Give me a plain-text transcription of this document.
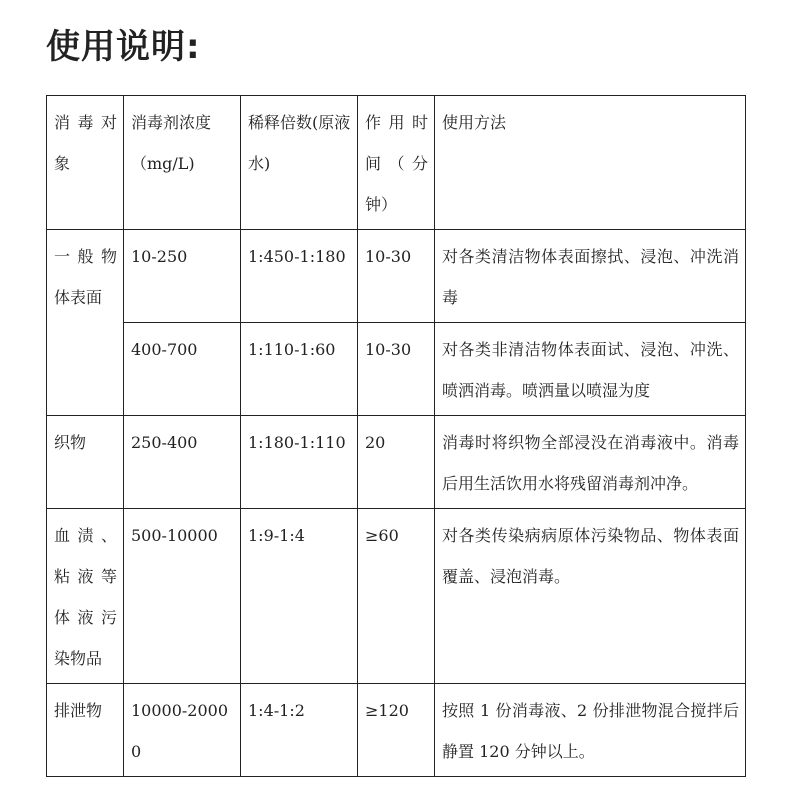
使用说明:
消毒对象	消毒剂浓度（mg/L)	稀释倍数(原液水)	作用时间（分钟）	使用方法
一般物体表面	10-250	1:450-1:180	10-30	对各类清洁物体表面擦拭、浸泡、冲洗消毒
	400-700	1:110-1:60	10-30	对各类非清洁物体表面试、浸泡、冲洗、喷洒消毒。喷洒量以喷湿为度
织物	250-400	1:180-1:110	20	消毒时将织物全部浸没在消毒液中。消毒后用生活饮用水将残留消毒剂冲净。
血渍、粘液等体液污染物品	500-10000	1:9-1:4	≥60	对各类传染病病原体污染物品、物体表面覆盖、浸泡消毒。
排泄物	10000-20000	1:4-1:2	≥120	按照 1 份消毒液、2 份排泄物混合搅拌后静置 120 分钟以上。
